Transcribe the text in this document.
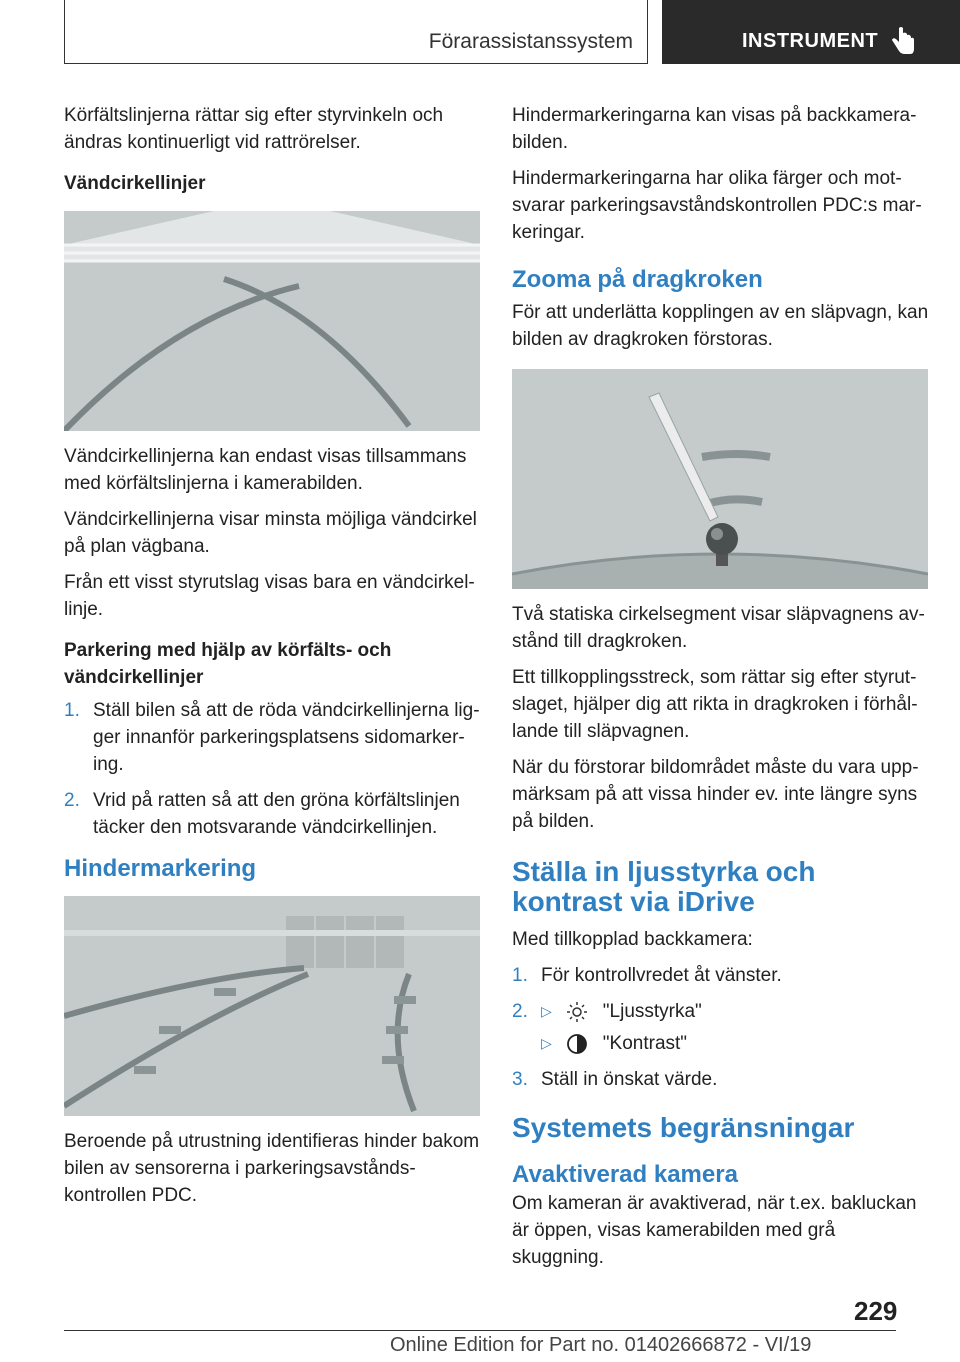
Förarassistanssystem	INSTRUMENT

Körfältslinjerna rättar sig efter styrvinkeln och ändras kontinuerligt vid rattrörelser.

Vändcirkellinjer

Vändcirkellinjerna kan endast visas tillsammans med körfältslinjerna i kamerabilden.

Vändcirkellinjerna visar minsta möjliga vändcirkel på plan vägbana.

Från ett visst styrutslag visas bara en vändcirkel‐linje.

Parkering med hjälp av körfälts- och vändcirkellinjer

1. Ställ bilen så att de röda vändcirkellinjerna lig‐ger innanför parkeringsplatsens sidomarker‐ing.
2. Vrid på ratten så att den gröna körfältslinjen täcker den motsvarande vändcirkellinjen.

Hindermarkering

Beroende på utrustning identifieras hinder bakom bilen av sensorerna i parkeringsavstånds‐kontrollen PDC.

Hindermarkeringarna kan visas på backkamera‐bilden.

Hindermarkeringarna har olika färger och mot‐svarar parkeringsavståndskontrollen PDC:s mar‐keringar.

Zooma på dragkroken

För att underlätta kopplingen av en släpvagn, kan bilden av dragkroken förstoras.

Två statiska cirkelsegment visar släpvagnens av‐stånd till dragkroken.

Ett tillkopplingsstreck, som rättar sig efter styrut‐slaget, hjälper dig att rikta in dragkroken i förhål‐lande till släpvagnen.

När du förstorar bildområdet måste du vara upp‐märksam på att vissa hinder ev. inte längre syns på bilden.

Ställa in ljusstyrka och kontrast via iDrive

Med tillkopplad backkamera:

1. För kontrollvredet åt vänster.
2. ▷	"Ljusstyrka"
▷	"Kontrast"
3. Ställ in önskat värde.

Systemets begränsningar

Avaktiverad kamera

Om kameran är avaktiverad, när t.ex. bakluckan är öppen, visas kamerabilden med grå skuggning.

229
Online Edition for Part no. 01402666872 - VI/19
